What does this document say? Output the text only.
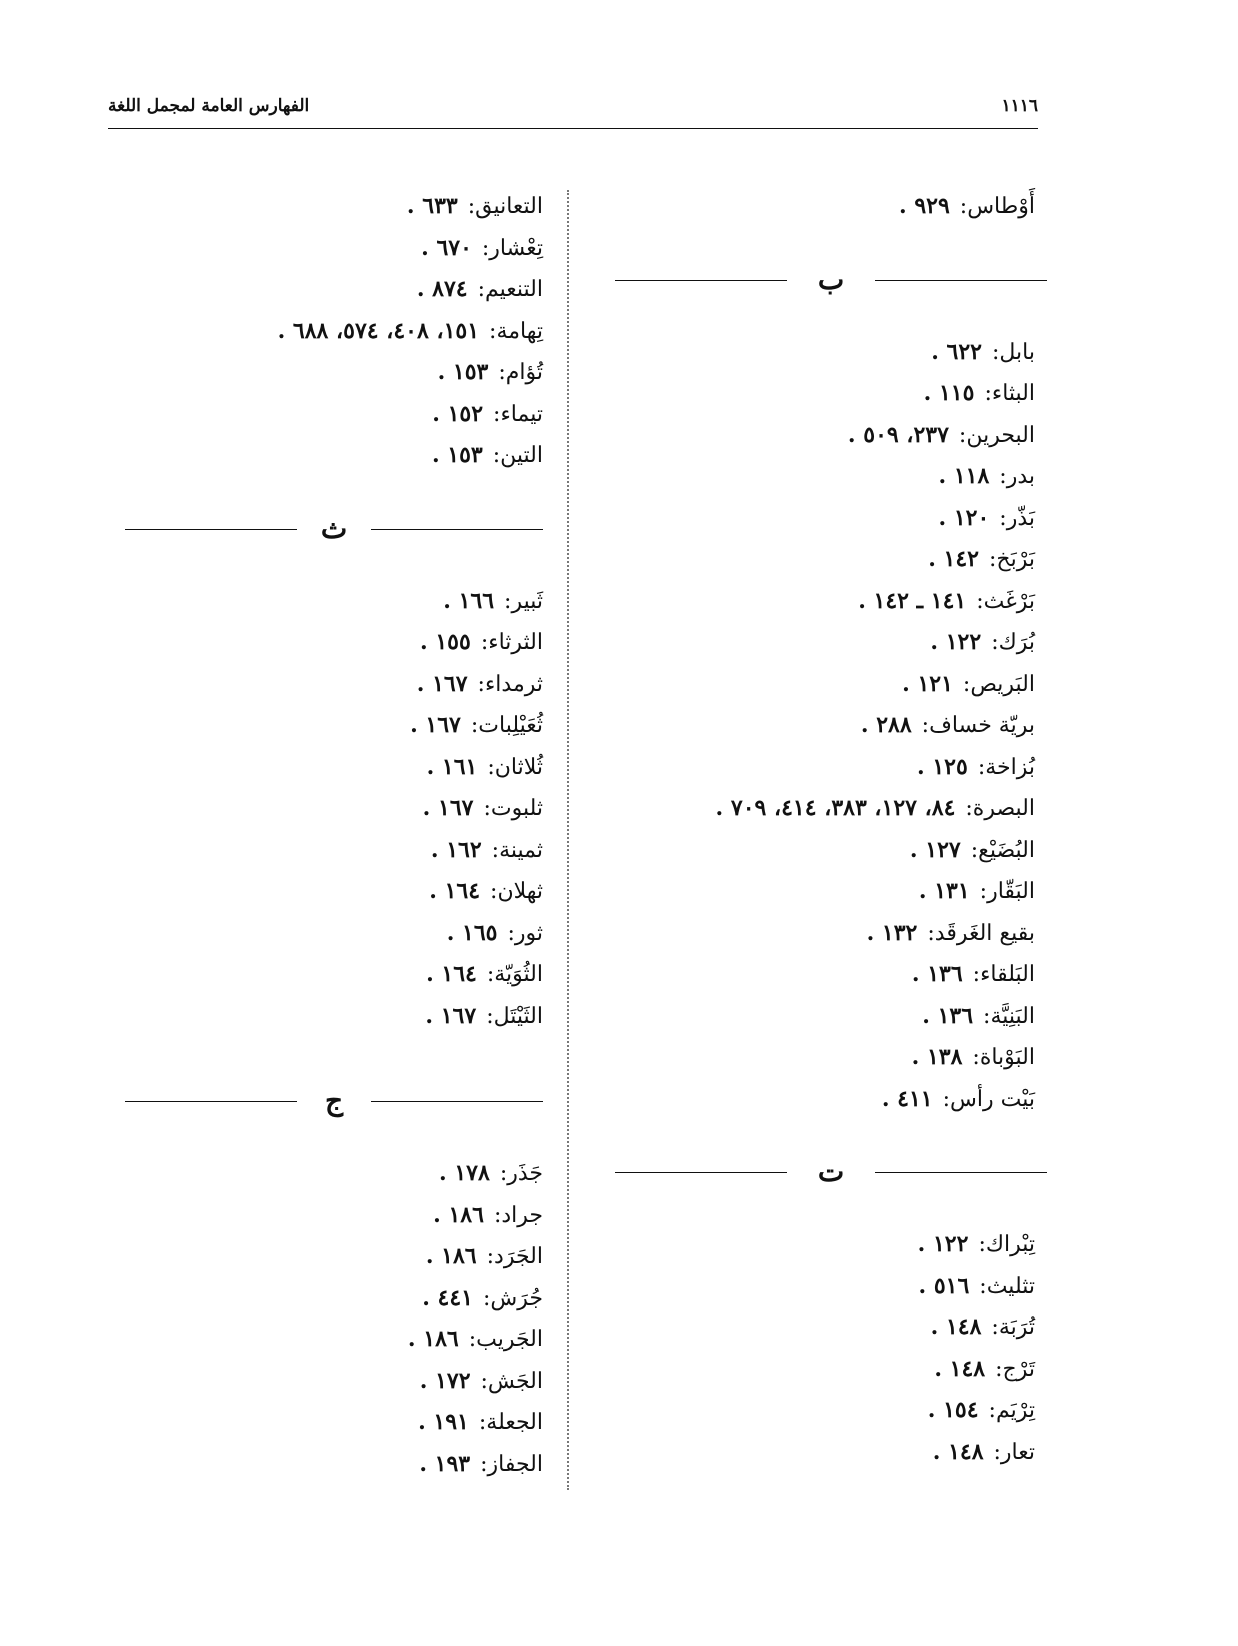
١١١٦
الفهارس العامة لمجمل اللغة
أَوْطاس:٩٢٩ .
ب
بابل:٦٢٢ .
البثاء:١١٥ .
البحرين:٢٣٧، ٥٠٩ .
بدر:١١٨ .
بَذّر:١٢٠ .
بَرْبَخ:١٤٢ .
بَرْغَث:١٤١ ـ ١٤٢ .
بُرَك:١٢٢ .
البَريص:١٢١ .
بريّة خساف:٢٨٨ .
بُزاخة:١٢٥ .
البصرة:٨٤، ١٢٧، ٣٨٣، ٤١٤، ٧٠٩ .
البُضَيْع:١٢٧ .
البَقّار:١٣١ .
بقيع الغَرقَد:١٣٢ .
البَلقاء:١٣٦ .
البَنِيَّة:١٣٦ .
البَوْباة:١٣٨ .
بَيْت رأس:٤١١ .
ت
تِبْراك:١٢٢ .
تثليث:٥١٦ .
تُرَبَة:١٤٨ .
تَرْج:١٤٨ .
تِرْيَم:١٥٤ .
تعار:١٤٨ .
التعانيق:٦٣٣ .
تِعْشار:٦٧٠ .
التنعيم:٨٧٤ .
تِهامة:١٥١، ٤٠٨، ٥٧٤، ٦٨٨ .
تُؤام:١٥٣ .
تيماء:١٥٢ .
التين:١٥٣ .
ث
ثَبير:١٦٦ .
الثرثاء:١٥٥ .
ثرمداء:١٦٧ .
ثُعَيْلِبات:١٦٧ .
ثُلاثان:١٦١ .
ثلبوت:١٦٧ .
ثمينة:١٦٢ .
ثهلان:١٦٤ .
ثور:١٦٥ .
الثُوَيّة:١٦٤ .
الثَيْتَل:١٦٧ .
ج
جَذَر:١٧٨ .
جراد:١٨٦ .
الجَرَد:١٨٦ .
جُرَش:٤٤١ .
الجَريب:١٨٦ .
الجَش:١٧٢ .
الجعلة:١٩١ .
الجفاز:١٩٣ .
